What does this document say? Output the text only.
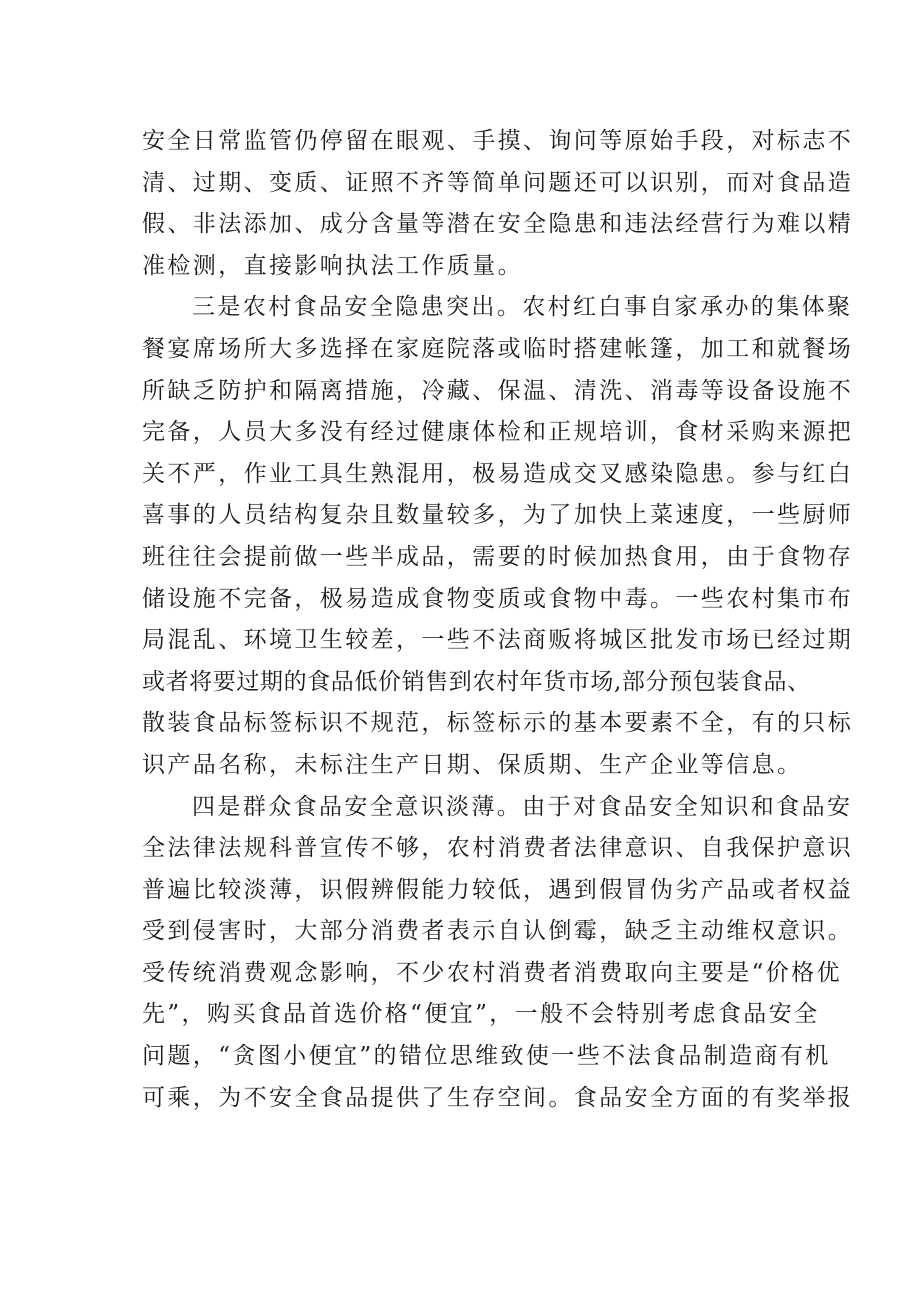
安全日常监管仍停留在眼观、手摸、询问等原始手段，对标志不
清、过期、变质、证照不齐等简单问题还可以识别，而对食品造
假、非法添加、成分含量等潜在安全隐患和违法经营行为难以精
准检测，直接影响执法工作质量。
三是农村食品安全隐患突出。农村红白事自家承办的集体聚
餐宴席场所大多选择在家庭院落或临时搭建帐篷，加工和就餐场
所缺乏防护和隔离措施，冷藏、保温、清洗、消毒等设备设施不
完备，人员大多没有经过健康体检和正规培训，食材采购来源把
关不严，作业工具生熟混用，极易造成交叉感染隐患。参与红白
喜事的人员结构复杂且数量较多，为了加快上菜速度，一些厨师
班往往会提前做一些半成品，需要的时候加热食用，由于食物存
储设施不完备，极易造成食物变质或食物中毒。一些农村集市布
局混乱、环境卫生较差，一些不法商贩将城区批发市场已经过期
或者将要过期的食品低价销售到农村年货市场,部分预包装食品、
散装食品标签标识不规范，标签标示的基本要素不全，有的只标
识产品名称，未标注生产日期、保质期、生产企业等信息。
四是群众食品安全意识淡薄。由于对食品安全知识和食品安
全法律法规科普宣传不够，农村消费者法律意识、自我保护意识
普遍比较淡薄，识假辨假能力较低，遇到假冒伪劣产品或者权益
受到侵害时，大部分消费者表示自认倒霉，缺乏主动维权意识。
受传统消费观念影响，不少农村消费者消费取向主要是“价格优
先”，购买食品首选价格“便宜”，一般不会特别考虑食品安全
问题，“贪图小便宜”的错位思维致使一些不法食品制造商有机
可乘，为不安全食品提供了生存空间。食品安全方面的有奖举报
